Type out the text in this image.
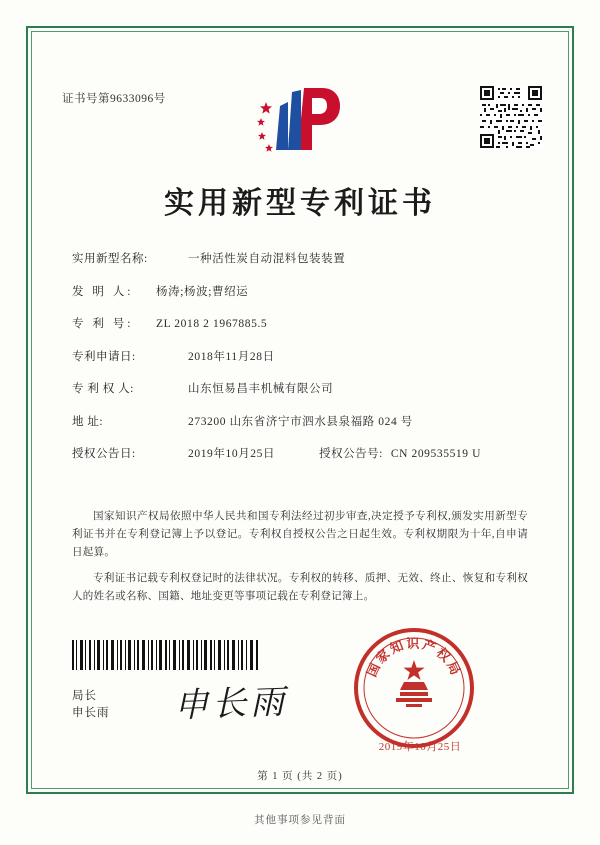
证书号第9633096号
实用新型专利证书
实用新型名称:	一种活性炭自动混料包装装置
发 明 人:	杨涛;杨波;曹绍运
专 利 号:	ZL 2018 2 1967885.5
专利申请日:	2018年11月28日
专 利 权 人:	山东恒易昌丰机械有限公司
地 址:	273200 山东省济宁市泗水县泉福路 024 号
授权公告日:	2019年10月25日	授权公告号: CN 209535519 U

国家知识产权局依照中华人民共和国专利法经过初步审查,决定授予专利权,颁发实用新型专利证书并在专利登记簿上予以登记。专利权自授权公告之日起生效。专利权期限为十年,自申请日起算。

专利证书记载专利权登记时的法律状况。专利权的转移、质押、无效、终止、恢复和专利权人的姓名或名称、国籍、地址变更等事项记载在专利登记簿上。

局长
申长雨 申长雨
国家知识产权局
2019年10月25日
第 1 页 (共 2 页)
其他事项参见背面
